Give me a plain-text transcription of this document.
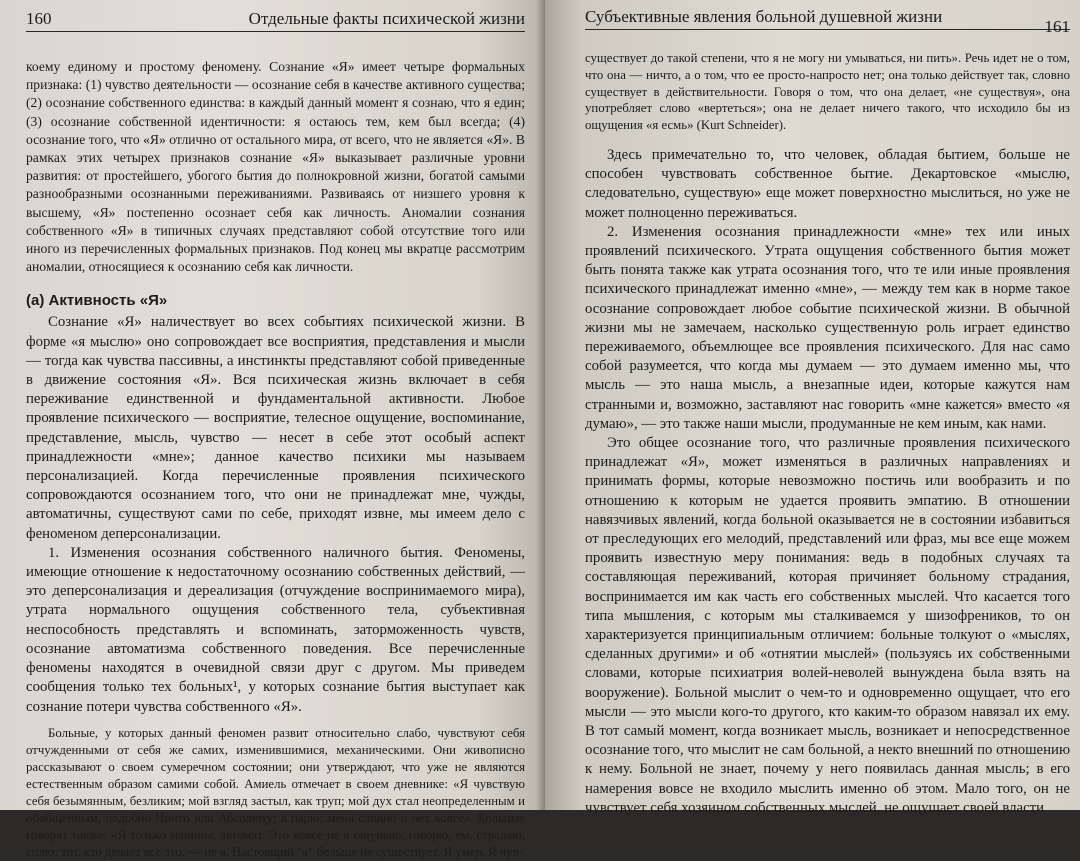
160	Отдельные факты психической жизни

коему единому и простому феномену. Сознание «Я» имеет четыре формальных признака: (1) чувство деятельности — осознание себя в качестве активного существа; (2) осознание собственного единства: в каждый данный момент я сознаю, что я един; (3) осознание собственной идентичности: я остаюсь тем, кем был всегда; (4) осознание того, что «Я» отлично от остального мира, от всего, что не является «Я». В рамках этих четырех признаков сознание «Я» выказывает различные уровни развития: от простейшего, убогого бытия до полнокровной жизни, богатой самыми разнообразными осознанными переживаниями. Развиваясь от низшего уровня к высшему, «Я» постепенно осознает себя как личность. Аномалии сознания собственного «Я» в типичных случаях представляют собой отсутствие того или иного из перечисленных формальных признаков. Под конец мы вкратце рассмотрим аномалии, относящиеся к осознанию себя как личности.

(а) Активность «Я»

Сознание «Я» наличествует во всех событиях психической жизни. В форме «я мыслю» оно сопровождает все восприятия, представления и мысли — тогда как чувства пассивны, а инстинкты представляют собой приведенные в движение состояния «Я». Вся психическая жизнь включает в себя переживание единственной и фундаментальной активности. Любое проявление психического — восприятие, телесное ощущение, воспоминание, представление, мысль, чувство — несет в себе этот особый аспект принадлежности «мне»; данное качество психики мы называем персонализацией. Когда перечисленные проявления психического сопровождаются осознанием того, что они не принадлежат мне, чужды, автоматичны, существуют сами по себе, приходят извне, мы имеем дело с феноменом деперсонализации.

1. Изменения осознания собственного наличного бытия. Феномены, имеющие отношение к недостаточному осознанию собственных действий, — это деперсонализация и дереализация (отчуждение воспринимаемого мира), утрата нормального ощущения собственного тела, субъективная неспособность представлять и вспоминать, заторможенность чувств, осознание автоматизма собственного поведения. Все перечисленные феномены находятся в очевидной связи друг с другом. Мы приведем сообщения только тех больных¹, у которых сознание бытия выступает как сознание потери чувства собственного «Я».

Больные, у которых данный феномен развит относительно слабо, чувствуют себя отчужденными от себя же самих, изменившимися, механическими. Они живописно рассказывают о своем сумеречном состоянии; они утверждают, что уже не являются естественным образом самими собой. Амиель отмечает в своем дневнике: «Я чувствую себя безымянным, безликим; мой взгляд застыл, как труп; мой дух стал неопределенным и обобщенным, подобно Ничто или Абсолюту; я парю; меня словно и нет вовсе». Больные говорят также: «Я только машина, автомат. Это вовсе не я ощущаю, говорю, ем, страдаю, сплю; тот, кто делает все это, — не я. Настоящий "я" больше не существует. Я умер. Я чув-

Субъективные явления больной душевной жизни
161

существует до такой степени, что я не могу ни умываться, ни пить». Речь идет не о том, что она — ничто, а о том, что ее просто-напросто нет; она только действует так, словно существует в действительности. Говоря о том, что она делает, «не существуя», она употребляет слово «вертеться»; она не делает ничего такого, что исходило бы из ощущения «я есмь» (Kurt Schneider).

Здесь примечательно то, что человек, обладая бытием, больше не способен чувствовать собственное бытие. Декартовское «мыслю, следовательно, существую» еще может поверхностно мыслиться, но уже не может полноценно переживаться.

2. Изменения осознания принадлежности «мне» тех или иных проявлений психического. Утрата ощущения собственного бытия может быть понята также как утрата осознания того, что те или иные проявления психического принадлежат именно «мне», — между тем как в норме такое осознание сопровождает любое событие психической жизни. В обычной жизни мы не замечаем, насколько существенную роль играет единство переживаемого, объемлющее все проявления психического. Для нас само собой разумеется, что когда мы думаем — это думаем именно мы, что мысль — это наша мысль, а внезапные идеи, которые кажутся нам странными и, возможно, заставляют нас говорить «мне кажется» вместо «я думаю», — это также наши мысли, продуманные не кем иным, как нами.

Это общее осознание того, что различные проявления психического принадлежат «Я», может изменяться в различных направлениях и принимать формы, которые невозможно постичь или вообразить и по отношению к которым не удается проявить эмпатию. В отношении навязчивых явлений, когда больной оказывается не в состоянии избавиться от преследующих его мелодий, представлений или фраз, мы все еще можем проявить известную меру понимания: ведь в подобных случаях та составляющая переживаний, которая причиняет больному страдания, воспринимается им как часть его собственных мыслей. Что касается того типа мышления, с которым мы сталкиваемся у шизофреников, то он характеризуется принципиальным отличием: больные толкуют о «мыслях, сделанных другими» и об «отнятии мыслей» (пользуясь их собственными словами, которые психиатрия волей-неволей вынуждена была взять на вооружение). Больной мыслит о чем-то и одновременно ощущает, что его мысли — это мысли кого-то другого, кто каким-то образом навязал их ему. В тот самый момент, когда возникает мысль, возникает и непосредственное осознание того, что мыслит не сам больной, а некто внешний по отношению к нему. Больной не знает, почему у него появилась данная мысль; в его намерения вовсе не входило мыслить именно об этом. Мало того, он не чувствует себя хозяином собственных мыслей, не ощущает своей власти
